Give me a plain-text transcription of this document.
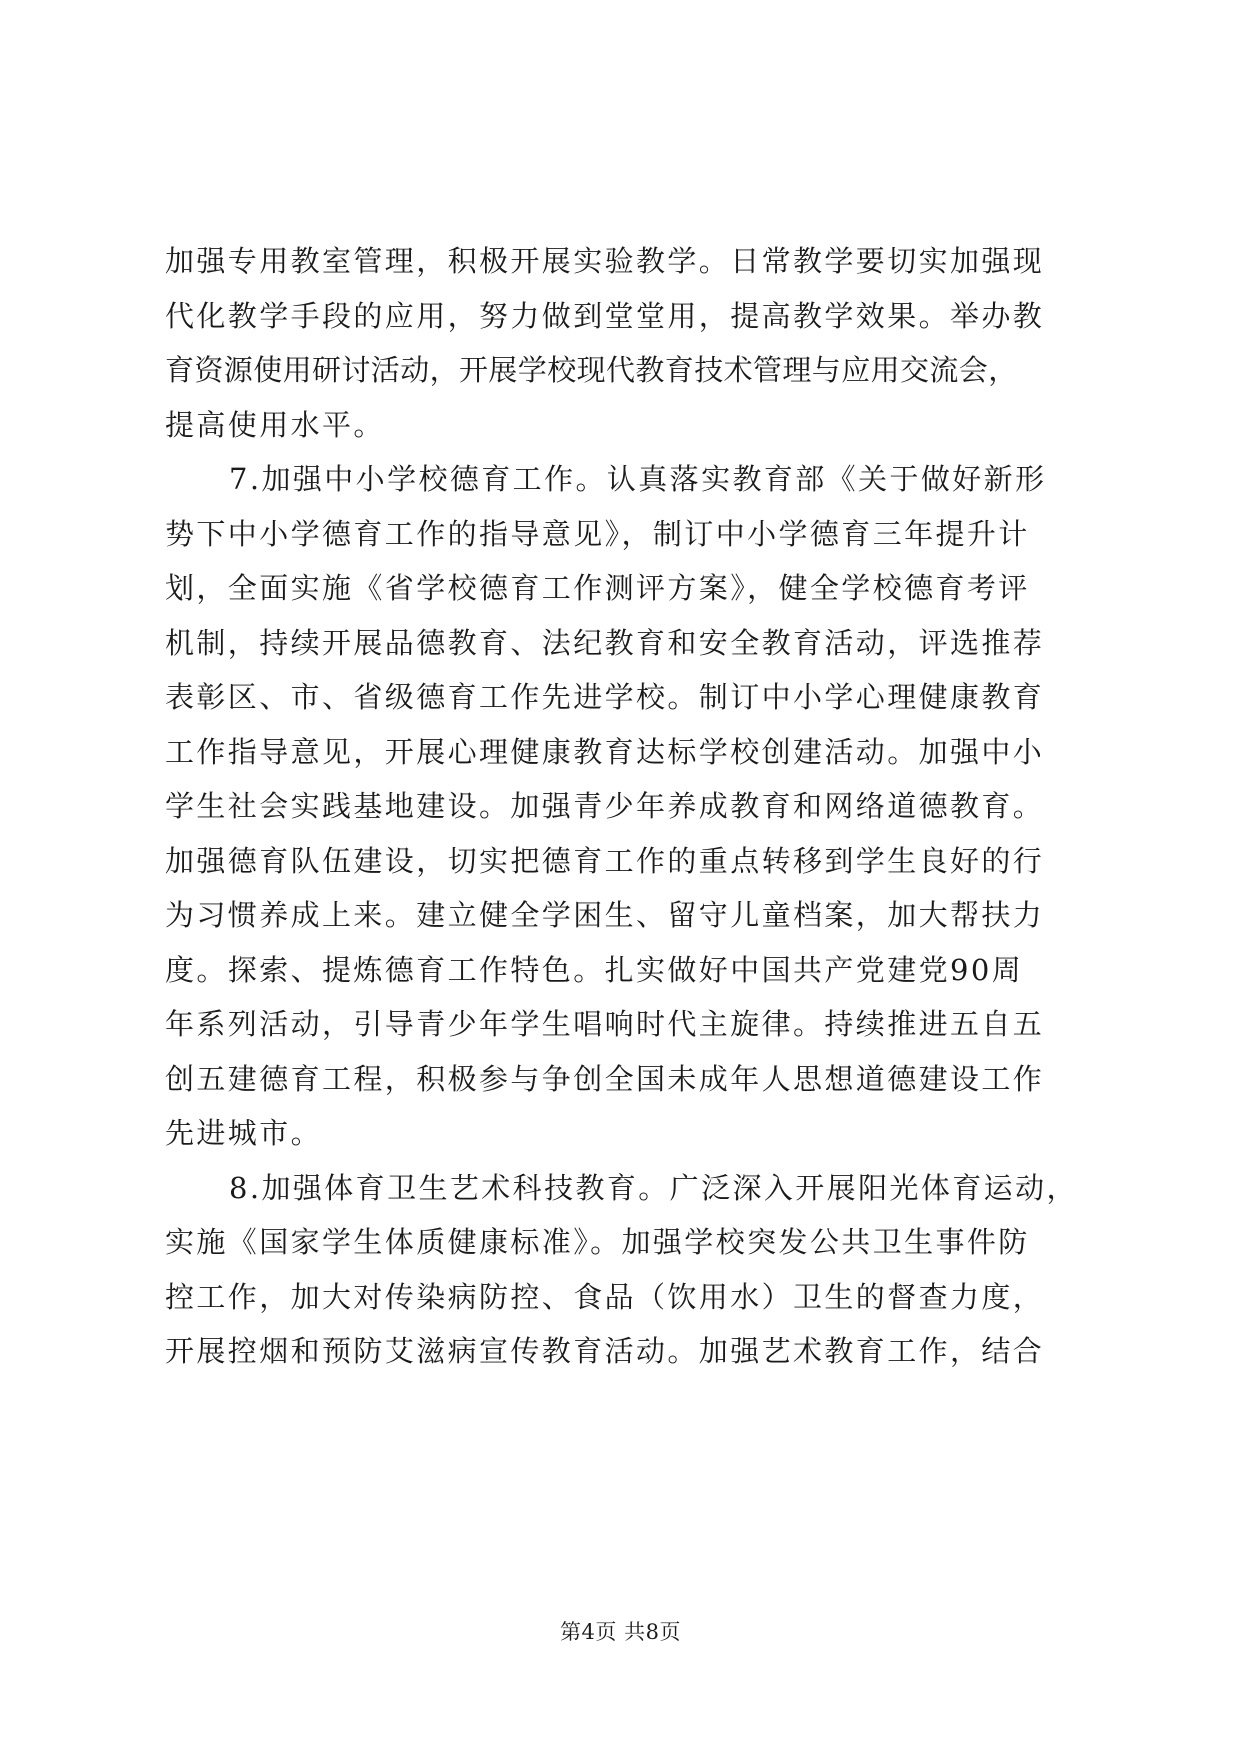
加强专用教室管理，积极开展实验教学。日常教学要切实加强现
代化教学手段的应用，努力做到堂堂用，提高教学效果。举办教
育资源使用研讨活动，开展学校现代教育技术管理与应用交流会，
提高使用水平。
7.加强中小学校德育工作。认真落实教育部《关于做好新形
势下中小学德育工作的指导意见》，制订中小学德育三年提升计
划，全面实施《省学校德育工作测评方案》，健全学校德育考评
机制，持续开展品德教育、法纪教育和安全教育活动，评选推荐
表彰区、市、省级德育工作先进学校。制订中小学心理健康教育
工作指导意见，开展心理健康教育达标学校创建活动。加强中小
学生社会实践基地建设。加强青少年养成教育和网络道德教育。
加强德育队伍建设，切实把德育工作的重点转移到学生良好的行
为习惯养成上来。建立健全学困生、留守儿童档案，加大帮扶力
度。探索、提炼德育工作特色。扎实做好中国共产党建党90周
年系列活动，引导青少年学生唱响时代主旋律。持续推进五自五
创五建德育工程，积极参与争创全国未成年人思想道德建设工作
先进城市。
8.加强体育卫生艺术科技教育。广泛深入开展阳光体育运动，
实施《国家学生体质健康标准》。加强学校突发公共卫生事件防
控工作，加大对传染病防控、食品（饮用水）卫生的督查力度，
开展控烟和预防艾滋病宣传教育活动。加强艺术教育工作，结合
第4页 共8页
